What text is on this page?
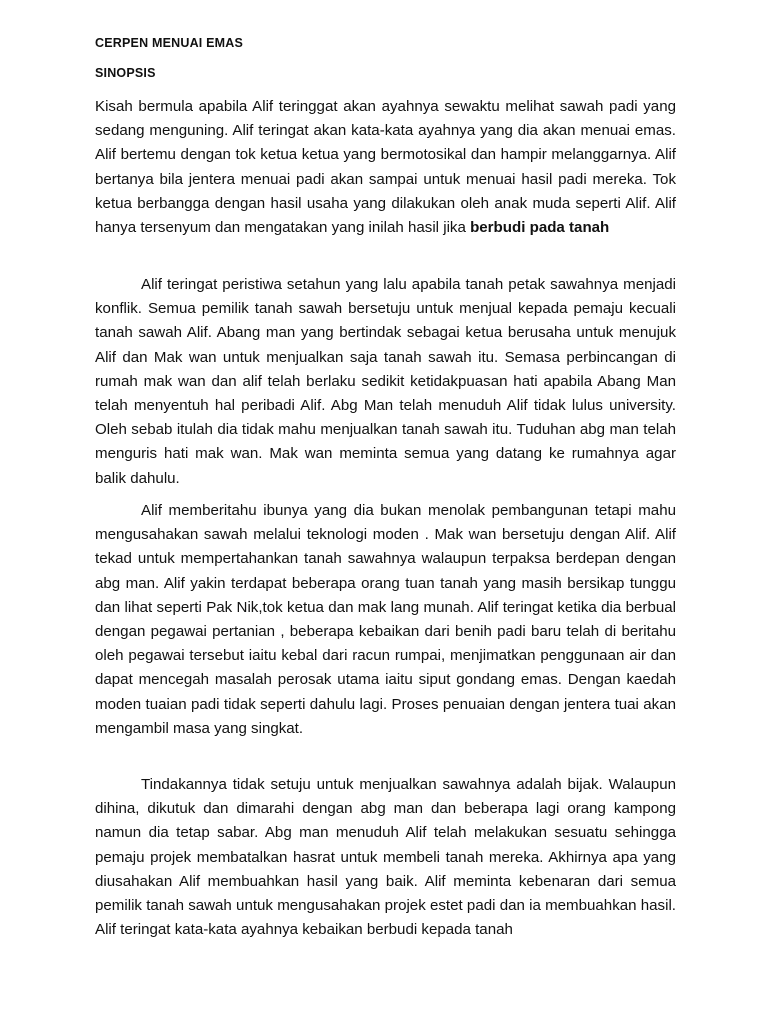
CERPEN MENUAI EMAS
SINOPSIS

Kisah bermula apabila Alif teringgat akan ayahnya sewaktu melihat sawah padi yang sedang menguning. Alif teringat akan kata-kata ayahnya yang dia akan menuai emas. Alif bertemu dengan tok ketua ketua yang bermotosikal dan hampir melanggarnya. Alif bertanya bila jentera menuai padi akan sampai untuk menuai hasil padi mereka. Tok ketua berbangga dengan hasil usaha yang dilakukan oleh anak muda seperti Alif. Alif hanya tersenyum dan mengatakan yang inilah hasil jika berbudi pada tanah

Alif teringat peristiwa setahun yang lalu apabila tanah petak sawahnya menjadi konflik. Semua pemilik tanah sawah bersetuju untuk menjual kepada pemaju kecuali tanah sawah Alif. Abang man yang bertindak sebagai ketua berusaha untuk menujuk Alif dan Mak wan untuk menjualkan saja tanah sawah itu. Semasa perbincangan di rumah mak wan dan alif telah berlaku sedikit ketidakpuasan hati apabila Abang Man telah menyentuh hal peribadi Alif. Abg Man telah menuduh Alif tidak lulus university. Oleh sebab itulah dia tidak mahu menjualkan tanah sawah itu. Tuduhan abg man telah menguris hati mak wan. Mak wan meminta semua yang datang ke rumahnya agar balik dahulu.

Alif memberitahu ibunya yang dia bukan menolak pembangunan tetapi mahu mengusahakan sawah melalui teknologi moden . Mak wan bersetuju dengan Alif. Alif tekad untuk mempertahankan tanah sawahnya walaupun terpaksa berdepan dengan abg man. Alif yakin terdapat beberapa orang tuan tanah yang masih bersikap tunggu dan lihat seperti Pak Nik,tok ketua dan mak lang munah. Alif teringat ketika dia berbual dengan pegawai pertanian , beberapa kebaikan dari benih padi baru telah di beritahu oleh pegawai tersebut iaitu kebal dari racun rumpai, menjimatkan penggunaan air dan dapat mencegah masalah perosak utama iaitu siput gondang emas. Dengan kaedah moden tuaian padi tidak seperti dahulu lagi. Proses penuaian dengan jentera tuai akan mengambil masa yang singkat.

Tindakannya tidak setuju untuk menjualkan sawahnya adalah bijak. Walaupun dihina, dikutuk dan dimarahi dengan abg man dan beberapa lagi orang kampong namun dia tetap sabar. Abg man menuduh Alif telah melakukan sesuatu sehingga pemaju projek membatalkan hasrat untuk membeli tanah mereka. Akhirnya apa yang diusahakan Alif membuahkan hasil yang baik. Alif meminta kebenaran dari semua pemilik tanah sawah untuk mengusahakan projek estet padi dan ia membuahkan hasil. Alif teringat kata-kata ayahnya kebaikan berbudi kepada tanah
